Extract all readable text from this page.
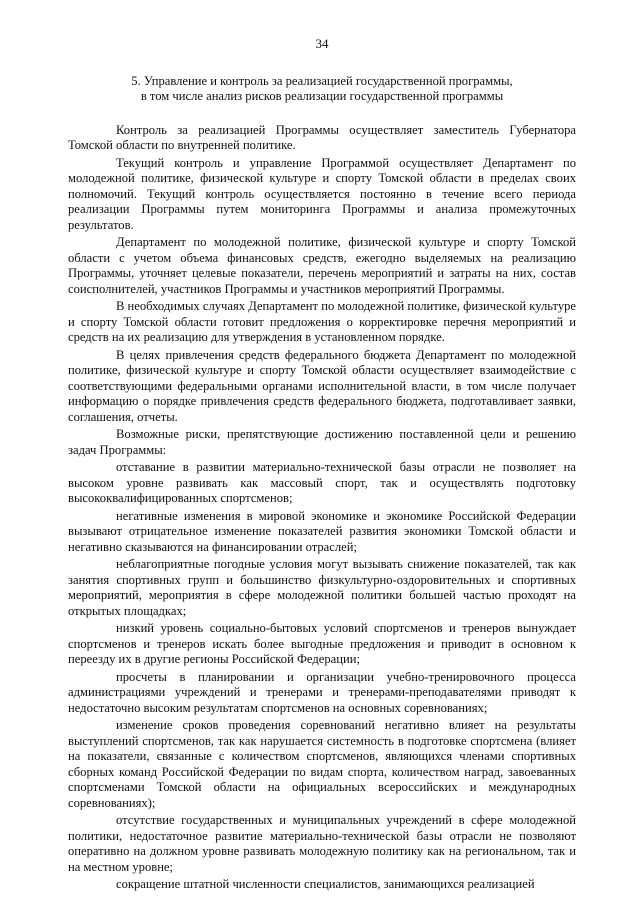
34
5. Управление и контроль за реализацией государственной программы,
в том числе анализ рисков реализации государственной программы

Контроль за реализацией Программы осуществляет заместитель Губернатора Томской области по внутренней политике.

Текущий контроль и управление Программой осуществляет Департамент по молодежной политике, физической культуре и спорту Томской области в пределах своих полномочий. Текущий контроль осуществляется постоянно в течение всего периода реализации Программы путем мониторинга Программы и анализа промежуточных результатов.

Департамент по молодежной политике, физической культуре и спорту Томской области с учетом объема финансовых средств, ежегодно выделяемых на реализацию Программы, уточняет целевые показатели, перечень мероприятий и затраты на них, состав соисполнителей, участников Программы и участников мероприятий Программы.

В необходимых случаях Департамент по молодежной политике, физической культуре и спорту Томской области готовит предложения о корректировке перечня мероприятий и средств на их реализацию для утверждения в установленном порядке.

В целях привлечения средств федерального бюджета Департамент по молодежной политике, физической культуре и спорту Томской области осуществляет взаимодействие с соответствующими федеральными органами исполнительной власти, в том числе получает информацию о порядке привлечения средств федерального бюджета, подготавливает заявки, соглашения, отчеты.

Возможные риски, препятствующие достижению поставленной цели и решению задач Программы:

отставание в развитии материально-технической базы отрасли не позволяет на высоком уровне развивать как массовый спорт, так и осуществлять подготовку высококвалифицированных спортсменов;

негативные изменения в мировой экономике и экономике Российской Федерации вызывают отрицательное изменение показателей развития экономики Томской области и негативно сказываются на финансировании отраслей;

неблагоприятные погодные условия могут вызывать снижение показателей, так как занятия спортивных групп и большинство физкультурно-оздоровительных и спортивных мероприятий, мероприятия в сфере молодежной политики большей частью проходят на открытых площадках;

низкий уровень социально-бытовых условий спортсменов и тренеров вынуждает спортсменов и тренеров искать более выгодные предложения и приводит в основном к переезду их в другие регионы Российской Федерации;

просчеты в планировании и организации учебно-тренировочного процесса администрациями учреждений и тренерами и тренерами-преподавателями приводят к недостаточно высоким результатам спортсменов на основных соревнованиях;

изменение сроков проведения соревнований негативно влияет на результаты выступлений спортсменов, так как нарушается системность в подготовке спортсмена (влияет на показатели, связанные с количеством спортсменов, являющихся членами спортивных сборных команд Российской Федерации по видам спорта, количеством наград, завоеванных спортсменами Томской области на официальных всероссийских и международных соревнованиях);

отсутствие государственных и муниципальных учреждений в сфере молодежной политики, недостаточное развитие материально-технической базы отрасли не позволяют оперативно на должном уровне развивать молодежную политику как на региональном, так и на местном уровне;

сокращение штатной численности специалистов, занимающихся реализацией
